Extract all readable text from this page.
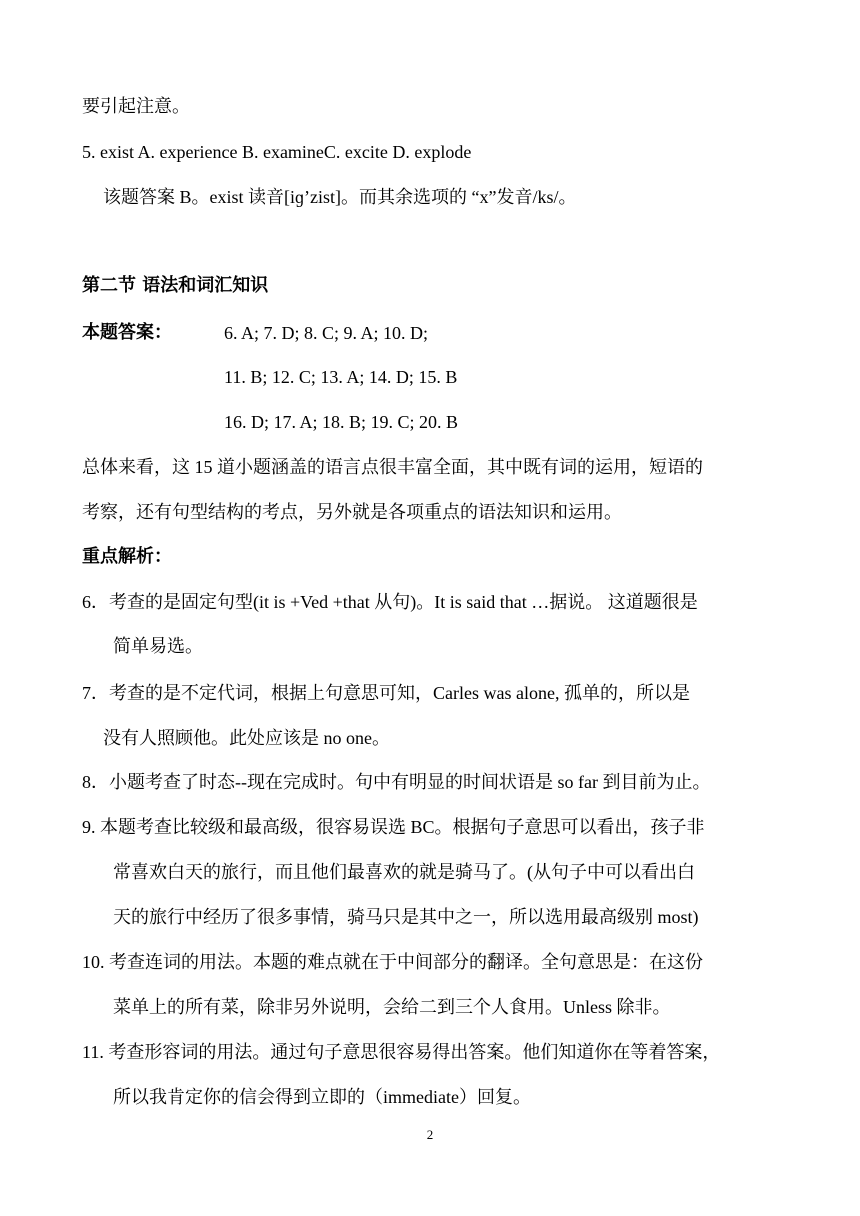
要引起注意。
5. exist A. experience B. examineC. excite D. explode
该题答案 B。exist 读音[iɡ’zist]。而其余选项的 “x”发音/ks/。
第二节 语法和词汇知识
本题答案：	6. A; 7. D; 8. C; 9. A; 10. D;
11. B; 12. C; 13. A; 14. D; 15. B
16. D; 17. A; 18. B; 19. C; 20. B
总体来看，这 15 道小题涵盖的语言点很丰富全面，其中既有词的运用，短语的
考察，还有句型结构的考点，另外就是各项重点的语法知识和运用。
重点解析：
6．考查的是固定句型(it is +Ved +that 从句)。It is said that …据说。 这道题很是
简单易选。
7．考查的是不定代词，根据上句意思可知，Carles was alone, 孤单的，所以是
没有人照顾他。此处应该是 no one。
8．小题考查了时态--现在完成时。句中有明显的时间状语是 so far 到目前为止。
9. 本题考查比较级和最高级，很容易误选 BC。根据句子意思可以看出，孩子非
常喜欢白天的旅行，而且他们最喜欢的就是骑马了。(从句子中可以看出白
天的旅行中经历了很多事情，骑马只是其中之一，所以选用最高级别 most)
10. 考查连词的用法。本题的难点就在于中间部分的翻译。全句意思是：在这份
菜单上的所有菜，除非另外说明，会给二到三个人食用。Unless 除非。
11. 考查形容词的用法。通过句子意思很容易得出答案。他们知道你在等着答案，
所以我肯定你的信会得到立即的（immediate）回复。
2
